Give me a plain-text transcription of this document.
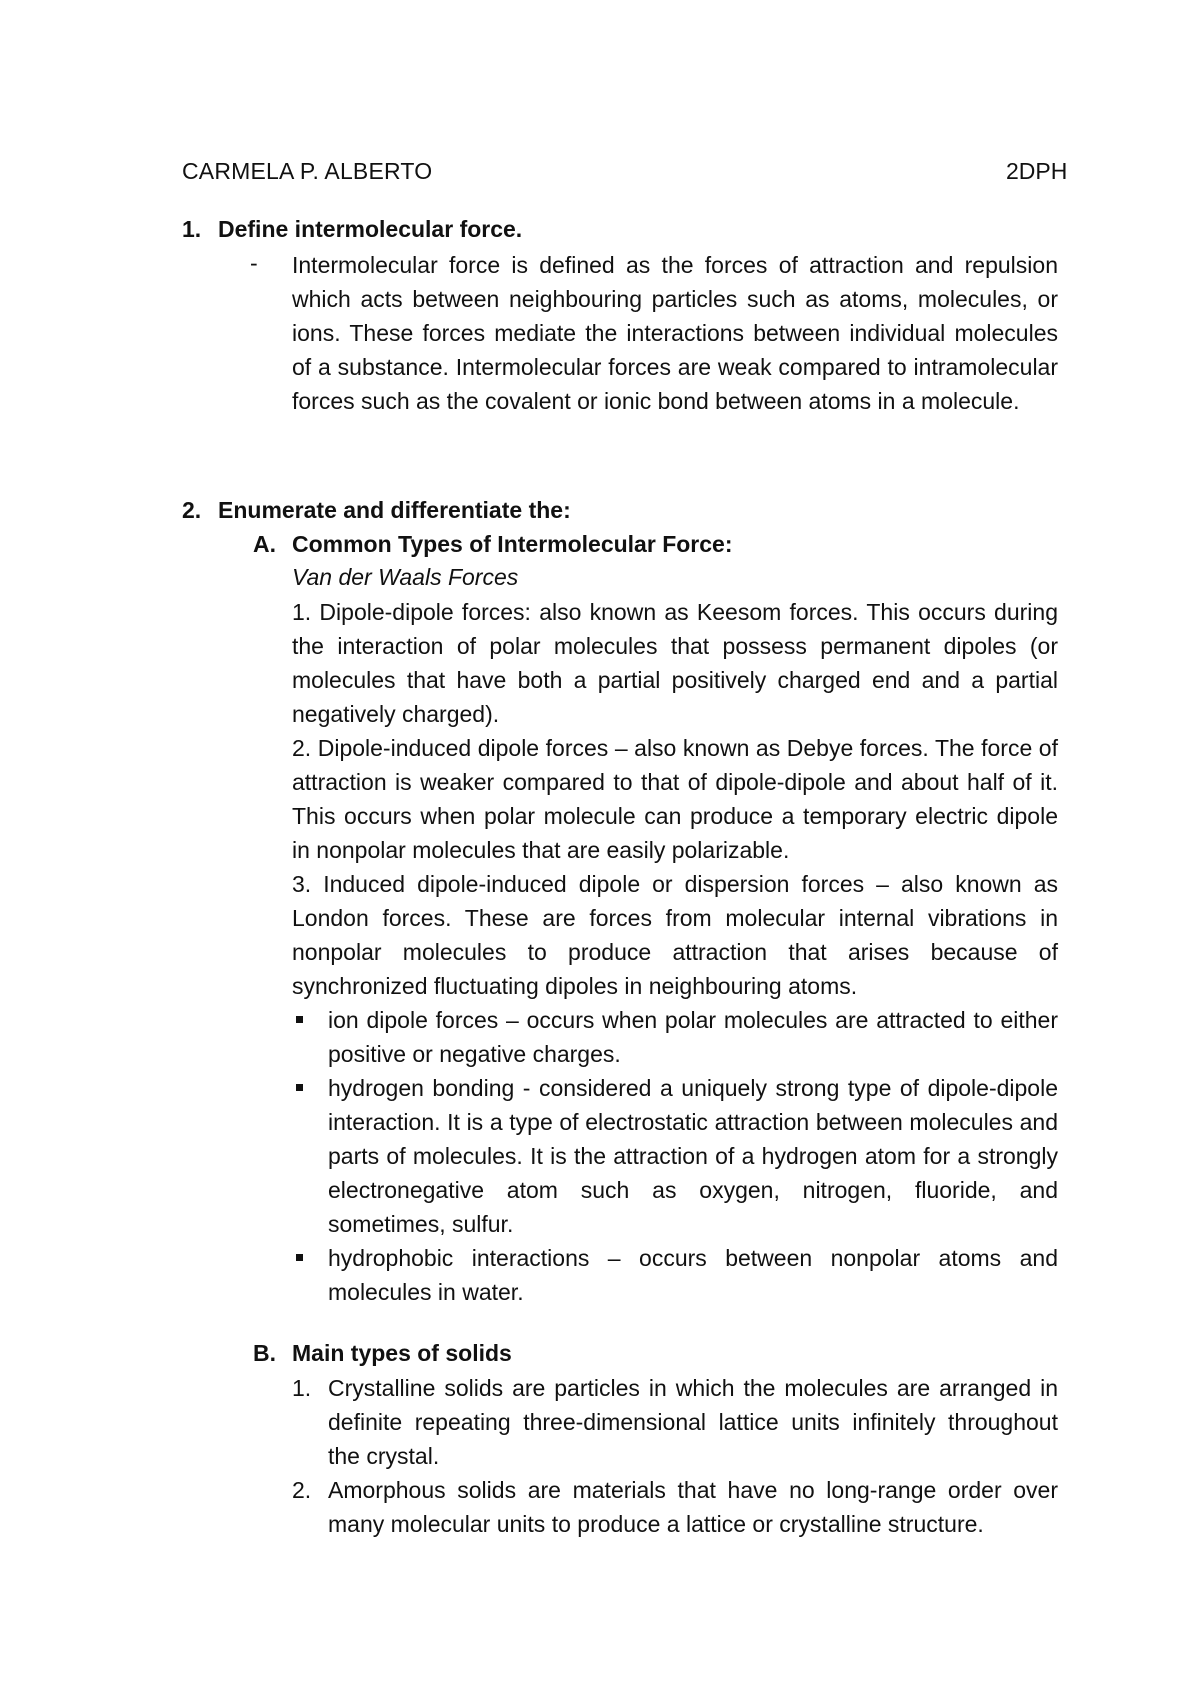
CARMELA P. ALBERTO	2DPH
1. Define intermolecular force.
- Intermolecular force is defined as the forces of attraction and repulsion which acts between neighbouring particles such as atoms, molecules, or ions. These forces mediate the interactions between individual molecules of a substance. Intermolecular forces are weak compared to intramolecular forces such as the covalent or ionic bond between atoms in a molecule.
2. Enumerate and differentiate the:
A. Common Types of Intermolecular Force:
Van der Waals Forces
1. Dipole-dipole forces: also known as Keesom forces. This occurs during the interaction of polar molecules that possess permanent dipoles (or molecules that have both a partial positively charged end and a partial negatively charged).
2. Dipole-induced dipole forces – also known as Debye forces. The force of attraction is weaker compared to that of dipole-dipole and about half of it. This occurs when polar molecule can produce a temporary electric dipole in nonpolar molecules that are easily polarizable.
3. Induced dipole-induced dipole or dispersion forces – also known as London forces. These are forces from molecular internal vibrations in nonpolar molecules to produce attraction that arises because of synchronized fluctuating dipoles in neighbouring atoms.
ion dipole forces – occurs when polar molecules are attracted to either positive or negative charges.
hydrogen bonding - considered a uniquely strong type of dipole-dipole interaction. It is a type of electrostatic attraction between molecules and parts of molecules. It is the attraction of a hydrogen atom for a strongly electronegative atom such as oxygen, nitrogen, fluoride, and sometimes, sulfur.
hydrophobic interactions – occurs between nonpolar atoms and molecules in water.
B. Main types of solids
1. Crystalline solids are particles in which the molecules are arranged in definite repeating three-dimensional lattice units infinitely throughout the crystal.
2. Amorphous solids are materials that have no long-range order over many molecular units to produce a lattice or crystalline structure.
